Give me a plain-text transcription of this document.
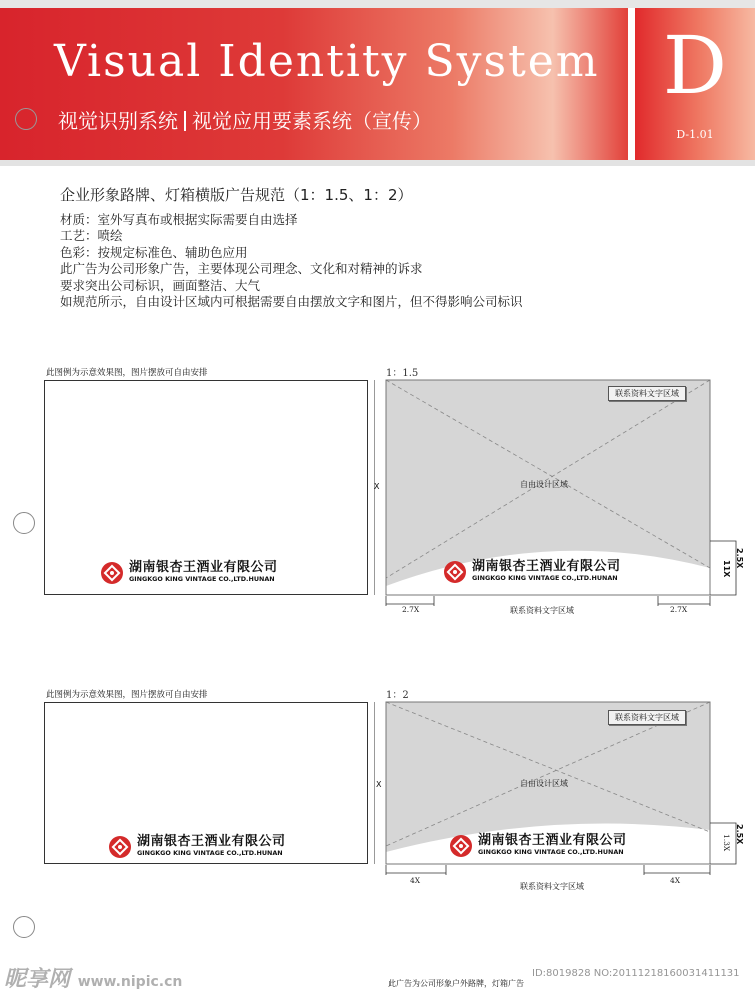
Visual Identity System
视觉识别系统 视觉应用要素系统（宣传）
D
D-1.01
企业形象路牌、灯箱横版广告规范（1：1.5、1：2）
材质：室外写真布或根据实际需要自由选择
工艺：喷绘
色彩：按规定标准色、辅助色应用
此广告为公司形象广告，主要体现公司理念、文化和对精神的诉求
要求突出公司标识，画面整洁、大气
如规范所示，自由设计区域内可根据需要自由摆放文字和图片，但不得影响公司标识
此图例为示意效果图，图片摆放可自由安排	1：1.5
湖南银杏王酒业有限公司
GINGKGO KING VINTAGE CO.,LTD.HUNAN
联系资料文字区域
自由设计区域
湖南银杏王酒业有限公司
GINGKGO KING VINTAGE CO.,LTD.HUNAN
X
11X
2.5X
2.7X	2.7X
联系资料文字区域
此图例为示意效果图，图片摆放可自由安排	1：2
湖南银杏王酒业有限公司
GINGKGO KING VINTAGE CO.,LTD.HUNAN
联系资料文字区域
自由设计区域
湖南银杏王酒业有限公司
GINGKGO KING VINTAGE CO.,LTD.HUNAN
X
1.3X 2.5X
4X	4X
联系资料文字区域
此广告为公司形象户外路牌，灯箱广告
昵享网 www.nipic.cn
ID:8019828 NO:20111218160031411131
